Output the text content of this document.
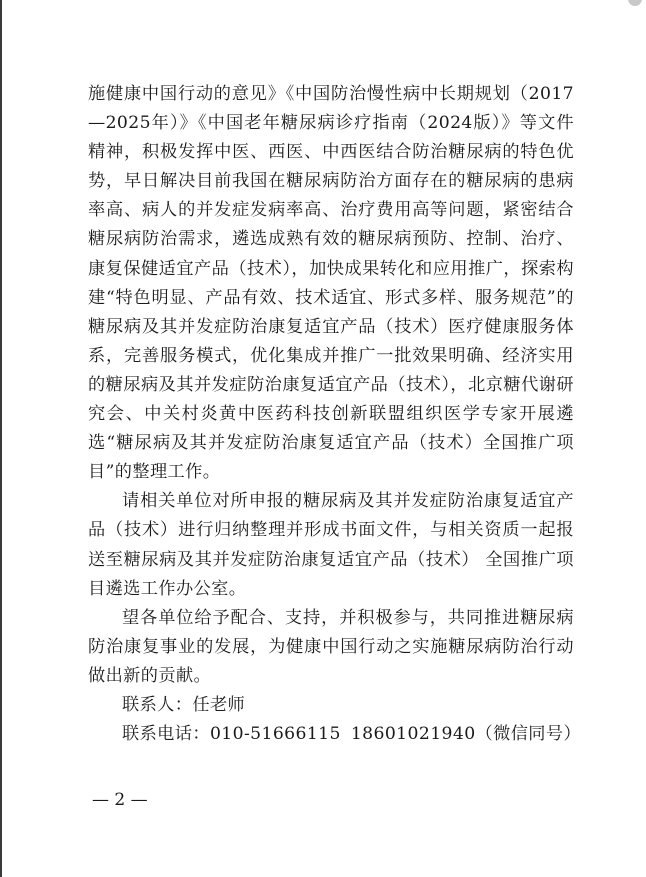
施健康中国行动的意见》《中国防治慢性病中长期规划（2017—2025年）》《中国老年糖尿病诊疗指南（2024版）》等文件精神，积极发挥中医、西医、中西医结合防治糖尿病的特色优势，早日解决目前我国在糖尿病防治方面存在的糖尿病的患病率高、病人的并发症发病率高、治疗费用高等问题，紧密结合糖尿病防治需求，遴选成熟有效的糖尿病预防、控制、治疗、康复保健适宜产品（技术），加快成果转化和应用推广，探索构建“特色明显、产品有效、技术适宜、形式多样、服务规范”的糖尿病及其并发症防治康复适宜产品（技术）医疗健康服务体系，完善服务模式，优化集成并推广一批效果明确、经济实用的糖尿病及其并发症防治康复适宜产品（技术），北京糖代谢研究会、中关村炎黄中医药科技创新联盟组织医学专家开展遴选“糖尿病及其并发症防治康复适宜产品（技术）全国推广项目”的整理工作。

请相关单位对所申报的糖尿病及其并发症防治康复适宜产品（技术）进行归纳整理并形成书面文件，与相关资质一起报送至糖尿病及其并发症防治康复适宜产品（技术） 全国推广项目遴选工作办公室。

望各单位给予配合、支持，并积极参与，共同推进糖尿病防治康复事业的发展，为健康中国行动之实施糖尿病防治行动做出新的贡献。

联系人：任老师

联系电话：010-51666115 18601021940（微信同号）

— 2 —
